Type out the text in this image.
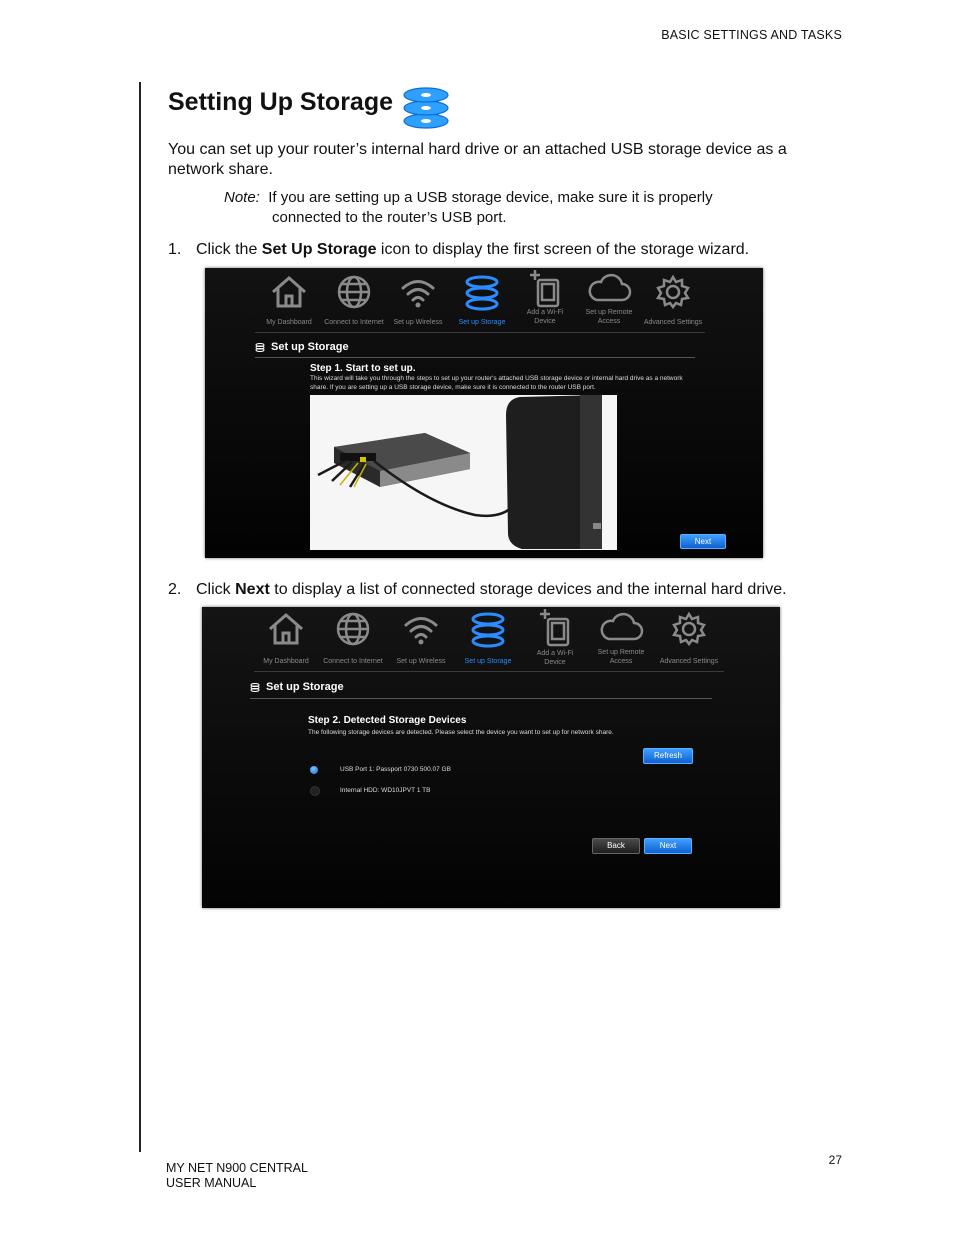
BASIC SETTINGS AND TASKS
Setting Up Storage
You can set up your router’s internal hard drive or an attached USB storage device as a network share.
Note: If you are setting up a USB storage device, make sure it is properly
connected to the router’s USB port.
1. Click the Set Up Storage icon to display the first screen of the storage wizard.
My Dashboard	Connect to Internet	Set up Wireless	Set up Storage
Add a Wi-Fi
Device
Set up Remote
Access	Advanced Settings
Set up Storage
Step 1. Start to set up.
This wizard will take you through the steps to set up your router's attached USB storage device or internal hard drive as a network
share. If you are setting up a USB storage device, make sure it is connected to the router USB port.
Next
2. Click Next to display a list of connected storage devices and the internal hard drive.
My Dashboard	Connect to Internet	Set up Wireless	Set up Storage
Add a Wi-Fi
Device
Set up Remote
Access	Advanced Settings
Set up Storage
Step 2. Detected Storage Devices
The following storage devices are detected. Please select the device you want to set up for network share.
Refresh
USB Port 1: Passport 0730 500.07 GB
Internal HDD: WD10JPVT 1 TB
Back	Next
MY NET N900 CENTRAL
USER MANUAL
27
